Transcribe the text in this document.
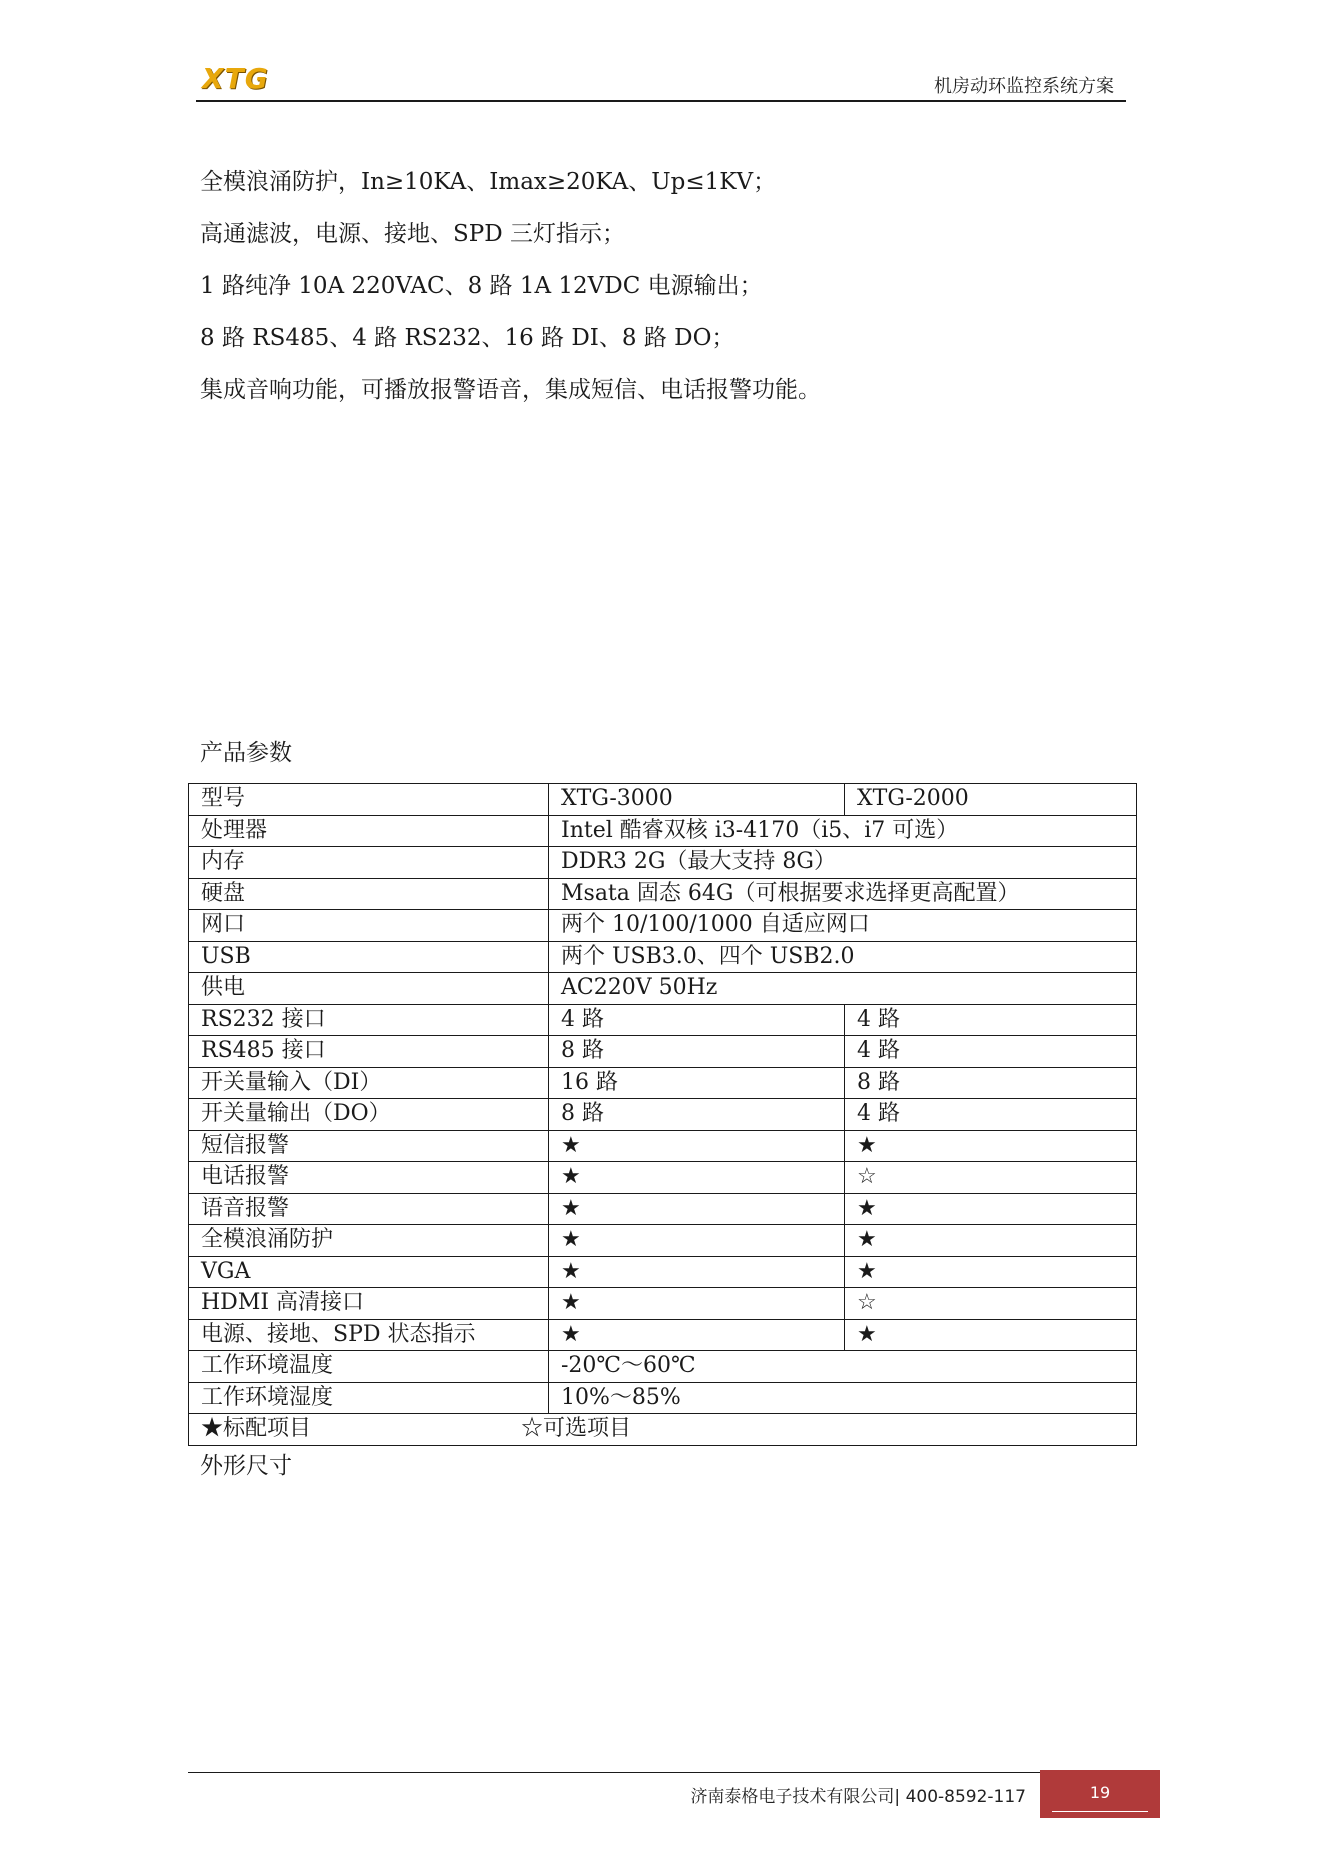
XTG	机房动环监控系统方案
全模浪涌防护，In≥10KA、Imax≥20KA、Up≤1KV；
高通滤波，电源、接地、SPD 三灯指示；
1 路纯净 10A 220VAC、8 路 1A 12VDC 电源输出；
8 路 RS485、4 路 RS232、16 路 DI、8 路 DO；
集成音响功能，可播放报警语音，集成短信、电话报警功能。
产品参数
型号	XTG-3000	XTG-2000
处理器	Intel 酷睿双核 i3-4170（i5、i7 可选）	
内存	DDR3 2G（最大支持 8G）	
硬盘	Msata 固态 64G（可根据要求选择更高配置）	
网口	两个 10/100/1000 自适应网口	
USB	两个 USB3.0、四个 USB2.0	
供电	AC220V 50Hz	
RS232 接口	4 路	4 路
RS485 接口	8 路	4 路
开关量输入（DI）	16 路	8 路
开关量输出（DO）	8 路	4 路
短信报警	★	★
电话报警	★	☆
语音报警	★	★
全模浪涌防护	★	★
VGA	★	★
HDMI 高清接口	★	☆
电源、接地、SPD 状态指示	★	★
工作环境温度	-20℃～60℃	
工作环境湿度	10%～85%	
★标配项目 ☆可选项目		
外形尺寸
济南泰格电子技术有限公司| 400-8592-117	19
